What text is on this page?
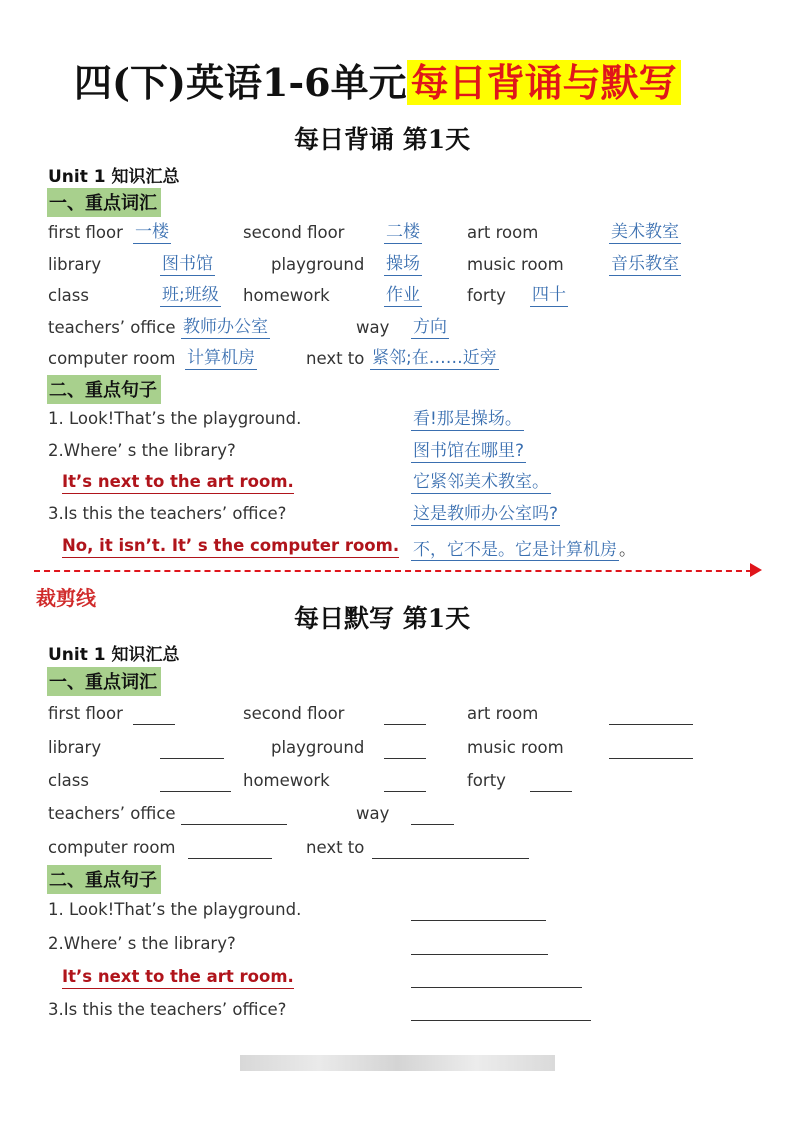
四(下)英语1-6单元 每日背诵与默写
每日背诵 第1天
Unit 1 知识汇总
一、重点词汇
first floor 一楼	second floor 二楼	art room	美术教室
library	图书馆	playground 操场	music room	音乐教室
class	班;班级 homework	作业	forty 四十
teachers’ office 教师办公室	way 方向
computer room 计算机房	next to 紧邻;在……近旁
二、重点句子
1. Look!That’s the playground.	看!那是操场。
2.Where’ s the library?	图书馆在哪里?
It’s next to the art room.	它紧邻美术教室。
3.Is this the teachers’ office?	这是教师办公室吗?
No, it isn’t. It’ s the computer room. 不，它不是。它是计算机房 。
裁剪线
每日默写 第1天
Unit 1 知识汇总
一、重点词汇
first floor	second floor	art room
library	playground	music room
class	homework	forty
teachers’ office	way
computer room	next to
二、重点句子
1. Look!That’s the playground.
2.Where’ s the library?
It’s next to the art room.
3.Is this the teachers’ office?
